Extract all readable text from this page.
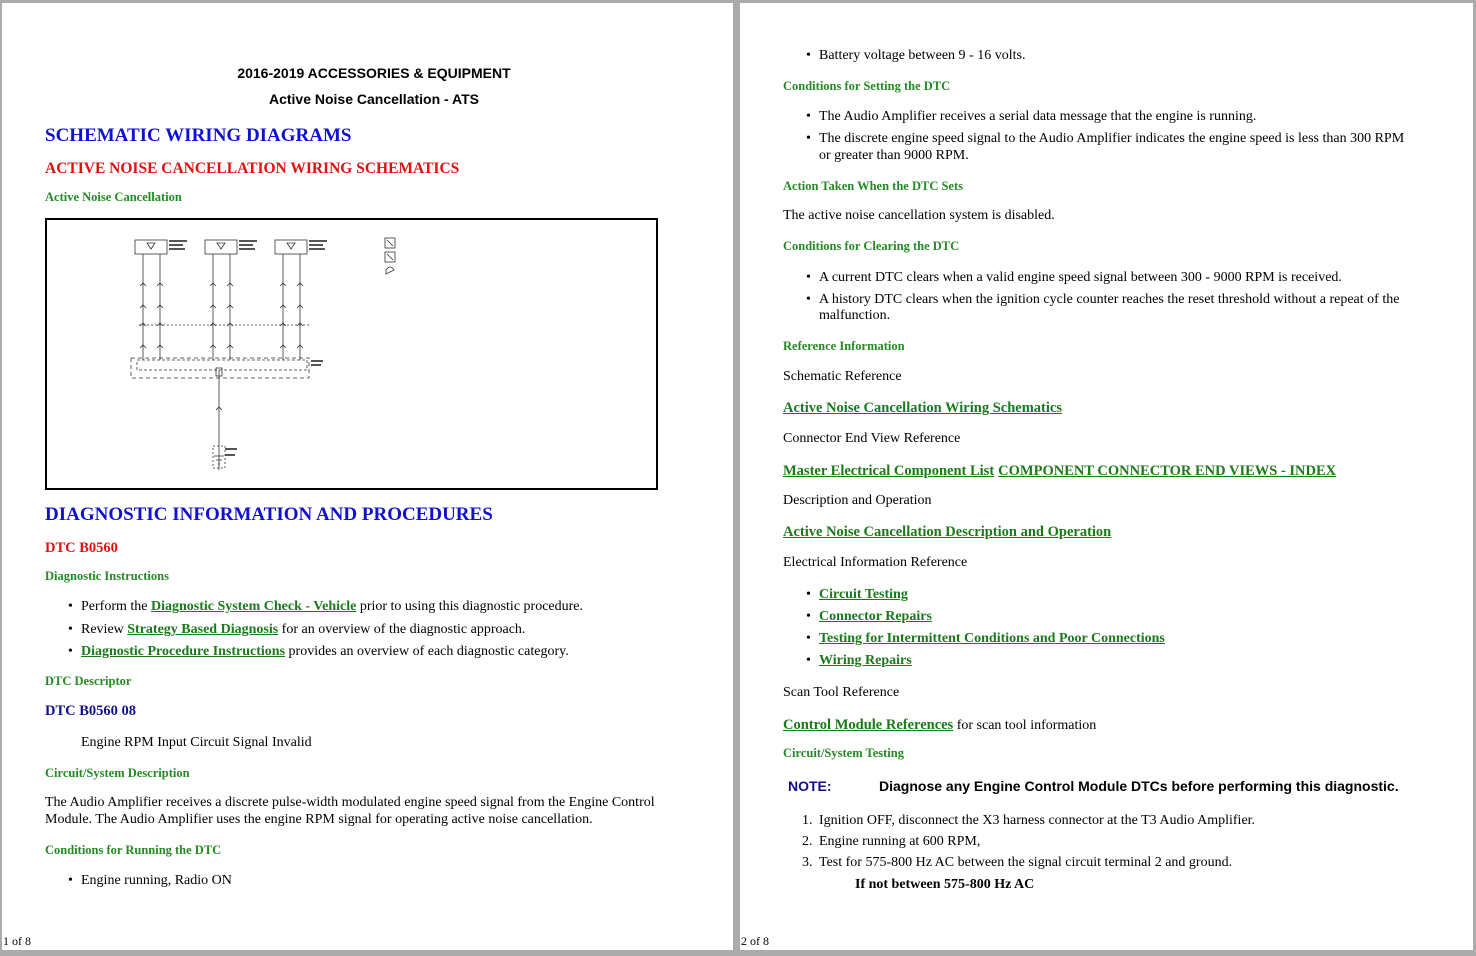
2016-2019 ACCESSORIES & EQUIPMENT
Active Noise Cancellation - ATS
SCHEMATIC WIRING DIAGRAMS
ACTIVE NOISE CANCELLATION WIRING SCHEMATICS
Active Noise Cancellation
DIAGNOSTIC INFORMATION AND PROCEDURES
DTC B0560
Diagnostic Instructions
• Perform the Diagnostic System Check - Vehicle prior to using this diagnostic procedure.
• Review Strategy Based Diagnosis for an overview of the diagnostic approach.
• Diagnostic Procedure Instructions provides an overview of each diagnostic category.
DTC Descriptor
DTC B0560 08
Engine RPM Input Circuit Signal Invalid
Circuit/System Description
The Audio Amplifier receives a discrete pulse-width modulated engine speed signal from the Engine Control
Module. The Audio Amplifier uses the engine RPM signal for operating active noise cancellation.
Conditions for Running the DTC
• Engine running, Radio ON
1 of 8
• Battery voltage between 9 - 16 volts.
Conditions for Setting the DTC
• The Audio Amplifier receives a serial data message that the engine is running.
• The discrete engine speed signal to the Audio Amplifier indicates the engine speed is less than 300 RPM
or greater than 9000 RPM.
Action Taken When the DTC Sets
The active noise cancellation system is disabled.
Conditions for Clearing the DTC
• A current DTC clears when a valid engine speed signal between 300 - 9000 RPM is received.
• A history DTC clears when the ignition cycle counter reaches the reset threshold without a repeat of the
malfunction.
Reference Information
Schematic Reference
Active Noise Cancellation Wiring Schematics
Connector End View Reference
Master Electrical Component List COMPONENT CONNECTOR END VIEWS - INDEX
Description and Operation
Active Noise Cancellation Description and Operation
Electrical Information Reference
• Circuit Testing
• Connector Repairs
• Testing for Intermittent Conditions and Poor Connections
• Wiring Repairs
Scan Tool Reference
Control Module References for scan tool information
Circuit/System Testing
NOTE:	Diagnose any Engine Control Module DTCs before performing this diagnostic.
1. Ignition OFF, disconnect the X3 harness connector at the T3 Audio Amplifier.
2. Engine running at 600 RPM,
3. Test for 575-800 Hz AC between the signal circuit terminal 2 and ground.
If not between 575-800 Hz AC
2 of 8
